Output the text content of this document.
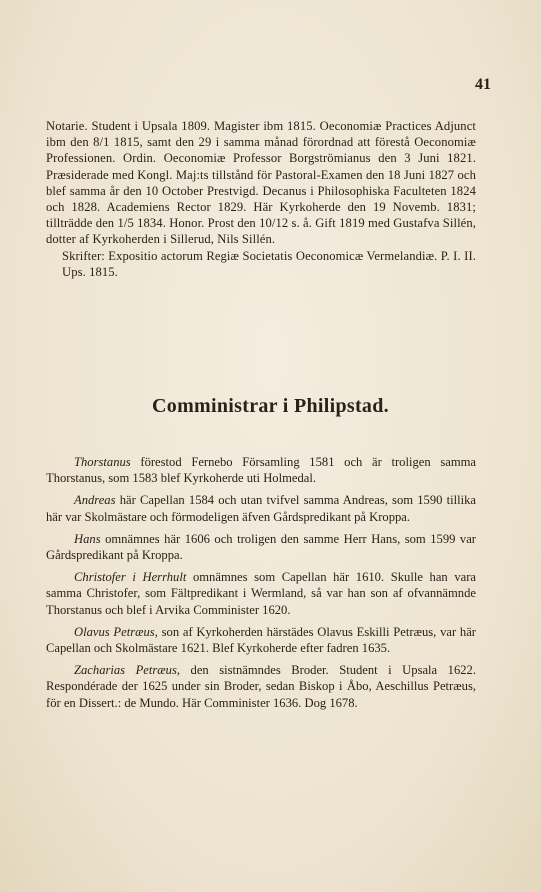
41

Notarie. Student i Upsala 1809. Magister ibm 1815. Oeconomiæ Practices Adjunct ibm den 8/1 1815, samt den 29 i samma månad förordnad att förestå Oeconomiæ Professionen. Ordin. Oeconomiæ Professor Borgströmianus den 3 Juni 1821. Præsiderade med Kongl. Maj:ts tillstånd för Pastoral-Examen den 18 Juni 1827 och blef samma år den 10 October Prestvigd. Decanus i Philosophiska Faculteten 1824 och 1828. Academiens Rector 1829. Här Kyrkoherde den 19 Novemb. 1831; tillträdde den 1/5 1834. Honor. Prost den 10/12 s. å. Gift 1819 med Gustafva Sillén, dotter af Kyrkoherden i Sillerud, Nils Sillén.

Skrifter: Expositio actorum Regiæ Societatis Oeconomicæ Vermelandiæ. P. I. II. Ups. 1815.

Comministrar i Philipstad.

Thorstanus förestod Fernebo Församling 1581 och är troligen samma Thorstanus, som 1583 blef Kyrkoherde uti Holmedal.

Andreas här Capellan 1584 och utan tvifvel samma Andreas, som 1590 tillika här var Skolmästare och förmodeligen äfven Gårdspredikant på Kroppa.

Hans omnämnes här 1606 och troligen den samme Herr Hans, som 1599 var Gårdspredikant på Kroppa.

Christofer i Herrhult omnämnes som Capellan här 1610. Skulle han vara samma Christofer, som Fältpredikant i Wermland, så var han son af ofvannämnde Thorstanus och blef i Arvika Comminister 1620.

Olavus Petræus, son af Kyrkoherden härstädes Olavus Eskilli Petræus, var här Capellan och Skolmästare 1621. Blef Kyrkoherde efter fadren 1635.

Zacharias Petræus, den sistnämndes Broder. Student i Upsala 1622. Respondérade der 1625 under sin Broder, sedan Biskop i Åbo, Aeschillus Petræus, för en Dissert.: de Mundo. Här Comminister 1636. Dog 1678.
